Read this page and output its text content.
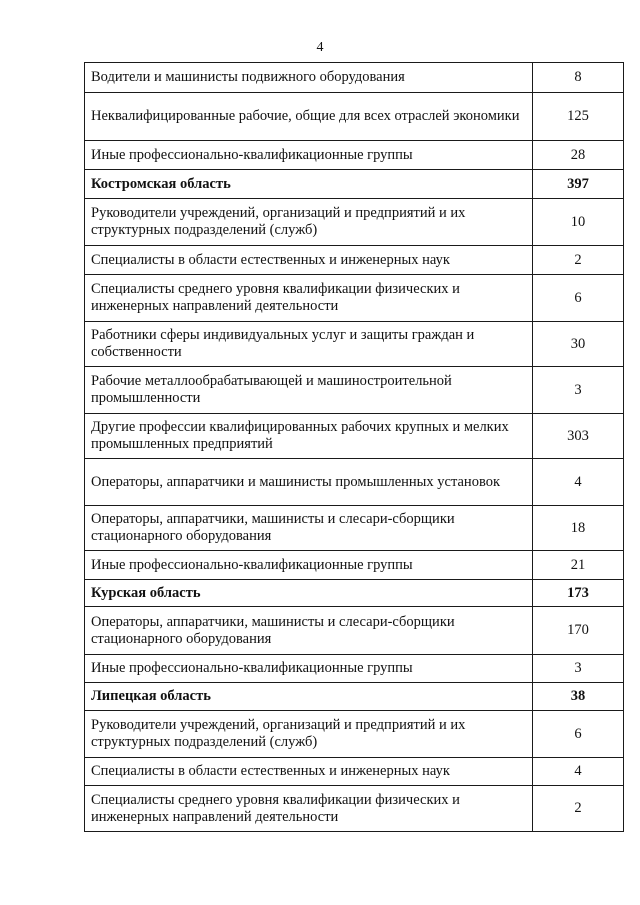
4
Водители и машинисты подвижного оборудования	8
Неквалифицированные рабочие, общие для всех отраслей экономики	125
Иные профессионально-квалификационные группы	28
Костромская область	397
Руководители учреждений, организаций и предприятий и их структурных подразделений (служб)	10
Специалисты в области естественных и инженерных наук	2
Специалисты среднего уровня квалификации физических и инженерных направлений деятельности	6
Работники сферы индивидуальных услуг и защиты граждан и собственности	30
Рабочие металлообрабатывающей и машиностроительной промышленности	3
Другие профессии квалифицированных рабочих крупных и мелких промышленных предприятий	303
Операторы, аппаратчики и машинисты промышленных установок	4
Операторы, аппаратчики, машинисты и слесари-сборщики стационарного оборудования	18
Иные профессионально-квалификационные группы	21
Курская область	173
Операторы, аппаратчики, машинисты и слесари-сборщики стационарного оборудования	170
Иные профессионально-квалификационные группы	3
Липецкая область	38
Руководители учреждений, организаций и предприятий и их структурных подразделений (служб)	6
Специалисты в области естественных и инженерных наук	4
Специалисты среднего уровня квалификации физических и инженерных направлений деятельности	2
